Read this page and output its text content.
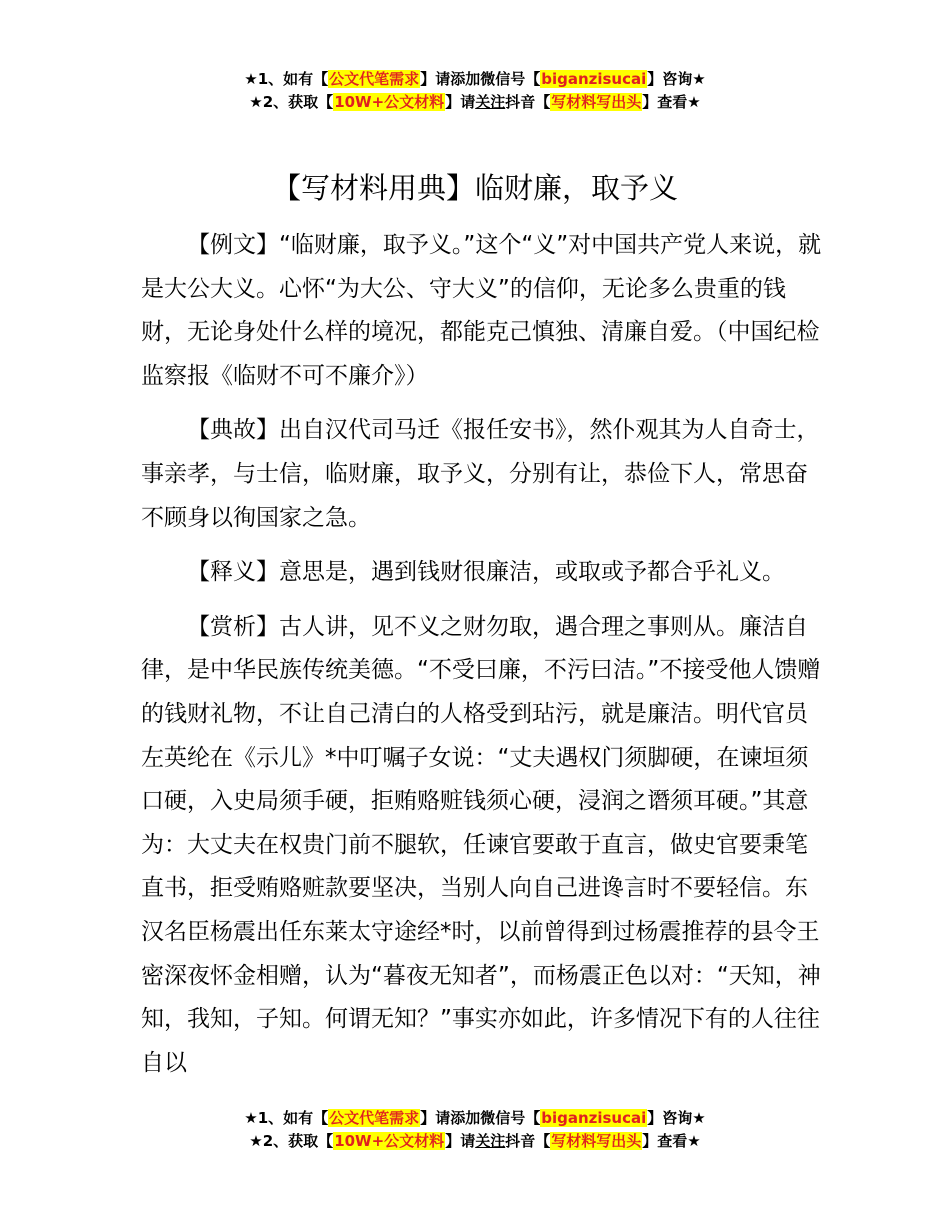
★1、如有【公文代笔需求】请添加微信号【biganzisucai】咨询★
★2、获取【10W+公文材料】请关注抖音【写材料写出头】查看★
【写材料用典】临财廉，取予义

【例文】“临财廉，取予义。”这个“义”对中国共产党人来说，就是大公大义。心怀“为大公、守大义”的信仰，无论多么贵重的钱财，无论身处什么样的境况，都能克己慎独、清廉自爱。（中国纪检监察报《临财不可不廉介》）

【典故】出自汉代司马迁《报任安书》，然仆观其为人自奇士，事亲孝，与士信，临财廉，取予义，分别有让，恭俭下人，常思奋不顾身以徇国家之急。

【释义】意思是，遇到钱财很廉洁，或取或予都合乎礼义。

【赏析】古人讲，见不义之财勿取，遇合理之事则从。廉洁自律，是中华民族传统美德。“不受曰廉，不污曰洁。”不接受他人馈赠的钱财礼物，不让自己清白的人格受到玷污，就是廉洁。明代官员左英纶在《示儿》*中叮嘱子女说：“丈夫遇权门须脚硬，在谏垣须口硬，入史局须手硬，拒贿赂赃钱须心硬，浸润之谮须耳硬。”其意为：大丈夫在权贵门前不腿软，任谏官要敢于直言，做史官要秉笔直书，拒受贿赂赃款要坚决，当别人向自己进谗言时不要轻信。东汉名臣杨震出任东莱太守途经*时，以前曾得到过杨震推荐的县令王密深夜怀金相赠，认为“暮夜无知者”，而杨震正色以对：“天知，神知，我知，子知。何谓无知？”事实亦如此，许多情况下有的人往往自以

★1、如有【公文代笔需求】请添加微信号【biganzisucai】咨询★
★2、获取【10W+公文材料】请关注抖音【写材料写出头】查看★
